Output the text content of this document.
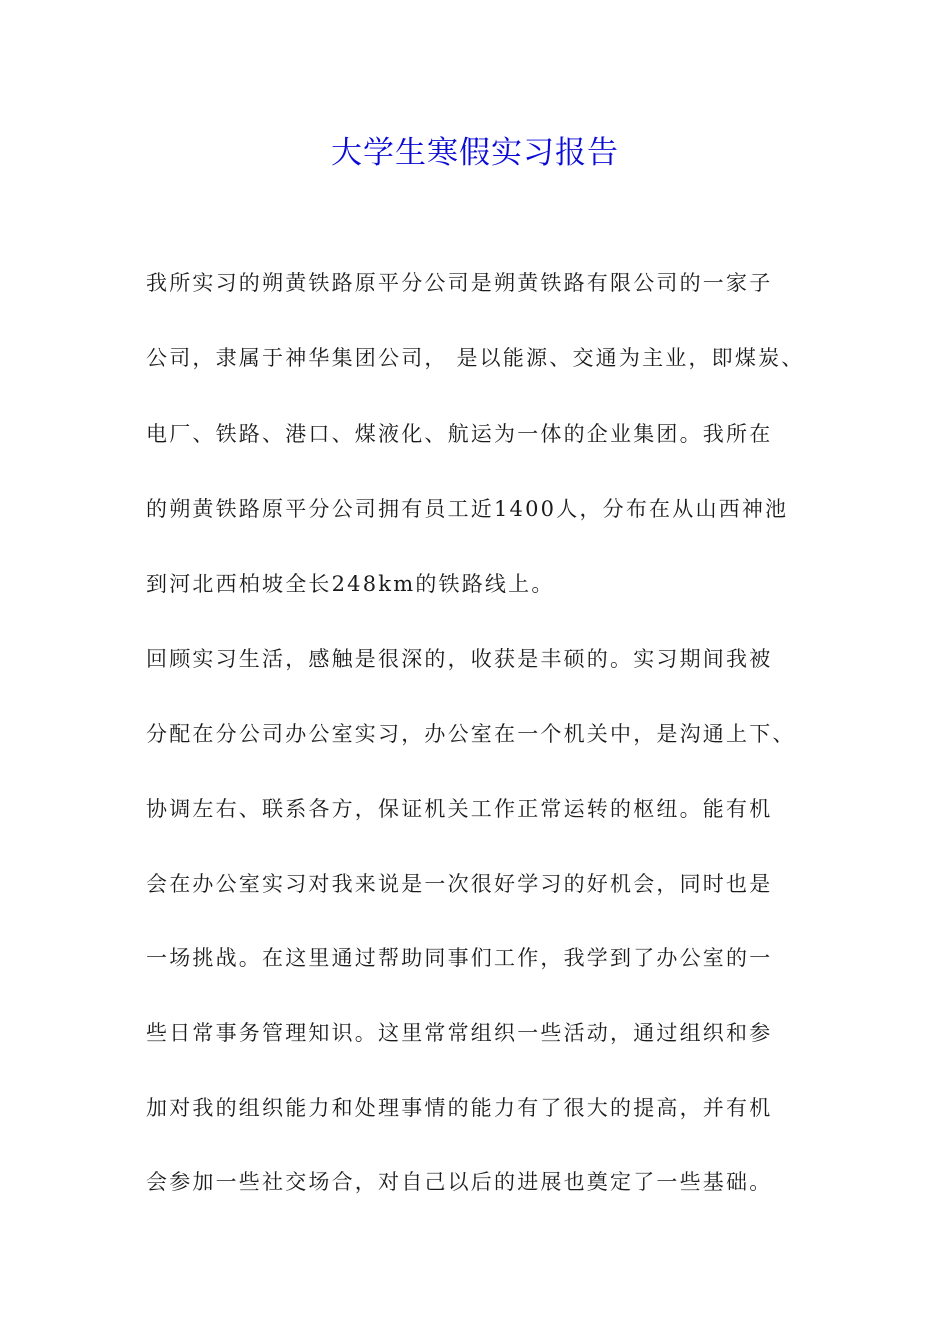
大学生寒假实习报告
我所实习的朔黄铁路原平分公司是朔黄铁路有限公司的一家子
公司，隶属于神华集团公司， 是以能源、交通为主业，即煤炭、
电厂、铁路、港口、煤液化、航运为一体的企业集团。我所在
的朔黄铁路原平分公司拥有员工近1400人，分布在从山西神池
到河北西柏坡全长248km的铁路线上。
回顾实习生活，感触是很深的，收获是丰硕的。实习期间我被
分配在分公司办公室实习，办公室在一个机关中，是沟通上下、
协调左右、联系各方，保证机关工作正常运转的枢纽。能有机
会在办公室实习对我来说是一次很好学习的好机会，同时也是
一场挑战。在这里通过帮助同事们工作，我学到了办公室的一
些日常事务管理知识。这里常常组织一些活动，通过组织和参
加对我的组织能力和处理事情的能力有了很大的提高，并有机
会参加一些社交场合，对自己以后的进展也奠定了一些基础。
